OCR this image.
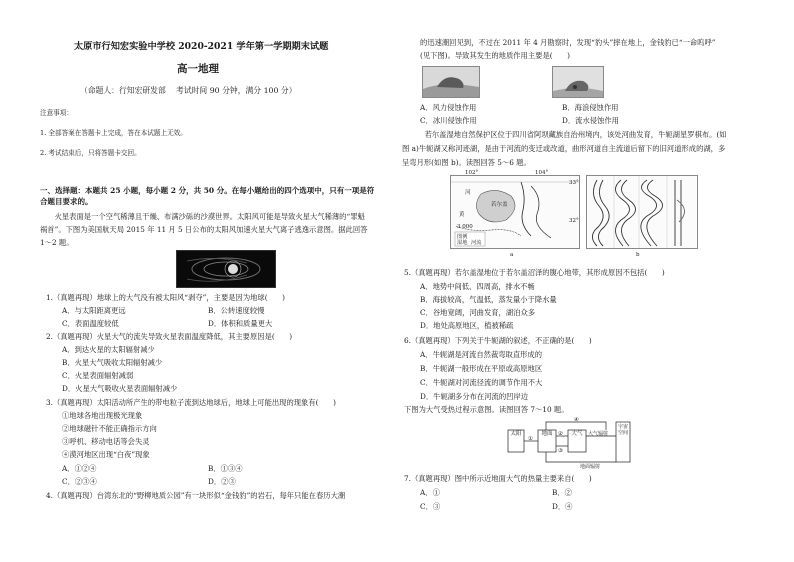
太原市行知宏实验中学校 2020-2021 学年第一学期期末试题
高一地理
（命题人：行知宏研发部　 考试时间 90 分钟，满分 100 分）
注意事项：
1. 全部答案在答题卡上完成，答在本试题上无效。
2. 考试结束后，只将答题卡交回。
一、选择题：本题共 25 小题，每小题 2 分，共 50 分。在每小题给出的四个选项中，只有一项是符
合题目要求的。
　　火星表面是一个空气稀薄且干燥、布满沙砾的沙漠世界。太阳风可能是导致火星大气稀薄的“罪魁
祸首”。下图为美国航天局 2015 年 11 月 5 日公布的太阳风加速火星大气离子逃逸示意图。据此回答
1～2 题。
1.（真题再现）地球上的大气没有被太阳风“剥夺”，主要是因为地球(　　)
A．与太阳距离更远	B．公转速度较慢
C．表面温度较低	D．体积和质量更大
2.（真题再现）火星大气的流失导致火星表面温度降低，其主要原因是(　　)
A．到达火星的太阳辐射减少
B．火星大气吸收太阳辐射减少
C．火星表面辐射减弱
D．火星大气吸收火星表面辐射减少
3.（真题再现）太阳活动所产生的带电粒子流到达地球后，地球上可能出现的现象有(　　)
①地球各地出现极光现象
②地球磁针不能正确指示方向
③呼机、移动电话等会失灵
④漠河地区出现“白夜”现象
A．①②④	B．①③④
C．②③④	D．②③
4.（真题再现）台湾东北的“野柳地质公园”有一块形似“金钱豹”的岩石，每年只能在春历大潮
的迅速潮回见到，不过在 2011 年 4 月勘察时，发现“豹头”摔在地上，金钱豹已“一命呜呼”
(见下图)。导致其发生的地质作用主要是(　　)
A．风力侵蚀作用	B．海浪侵蚀作用
C．冰川侵蚀作用	D．流水侵蚀作用
　　若尔盖湿地自然保护区位于四川省阿坝藏族自治州境内，该处河曲发育，牛轭湖星罗棋布。(如
图 a)牛轭湖又称河迹湖，是由于河流的变迁或改道，曲形河道自主流道后留下的旧河道形成的湖，多
呈弯月形(如图 b)。读图回答 5～6 题。
102°	104°
33°
32°
若尔盖
河
黄
3 000
图例
湿地 河流
a	b
5.（真题再现）若尔盖湿地位于若尔盖沼泽的腹心地带，其形成原因不包括(　　)
A．地势中间低、四周高，排水不畅
B．海拔较高，气温低，蒸发量小于降水量
C．谷地宽阔，河曲发育，湖泊众多
D．地处高原地区，植被稀疏
6.（真题再现）下列关于牛轭湖的叙述，不正确的是(　　)
A．牛轭湖是河流自然裁弯取直形成的
B．牛轭湖一般形成在平原或高原地区
C．牛轭湖对河流径流的调节作用不大
D．牛轭湖多分布在河流的凹岸边
下图为大气受热过程示意图。读图回答 7～10 题。
太阳	地面	大气	大气辐射
宇宙空间
地面辐射
①
②
③
④
7.（真题再现）图中所示近地面大气的热量主要来自(　　)
A．①	B．②
C．③	D．④
